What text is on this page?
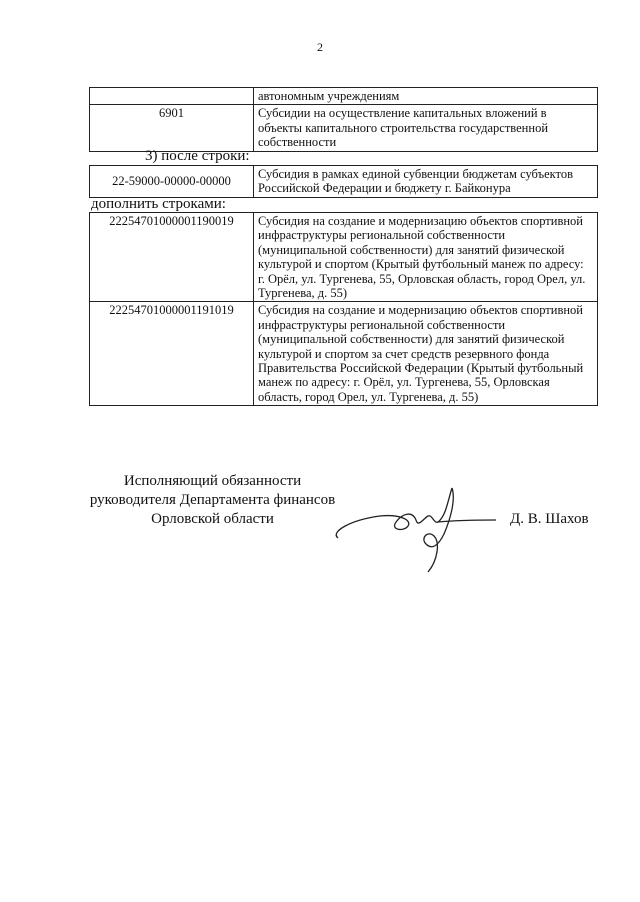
2
	автономным учреждениям
6901	Субсидии на осуществление капитальных вложений в объекты капитального строительства государственной собственности
3) после строки:
22-59000-00000-00000	Субсидия в рамках единой субвенции бюджетам субъектов Российской Федерации и бюджету г. Байконура
дополнить строками:
22254701000001190019	Субсидия на создание и модернизацию объектов спортивной инфраструктуры региональной собственности (муниципальной собственности) для занятий физической культурой и спортом (Крытый футбольный манеж по адресу: г. Орёл, ул. Тургенева, 55, Орловская область, город Орел, ул. Тургенева, д. 55)
22254701000001191019	Субсидия на создание и модернизацию объектов спортивной инфраструктуры региональной собственности (муниципальной собственности) для занятий физической культурой и спортом за счет средств резервного фонда Правительства Российской Федерации (Крытый футбольный манеж по адресу: г. Орёл, ул. Тургенева, 55, Орловская область, город Орел, ул. Тургенева, д. 55)
Исполняющий обязанности
руководителя Департамента финансов
Орловской области	Д. В. Шахов
